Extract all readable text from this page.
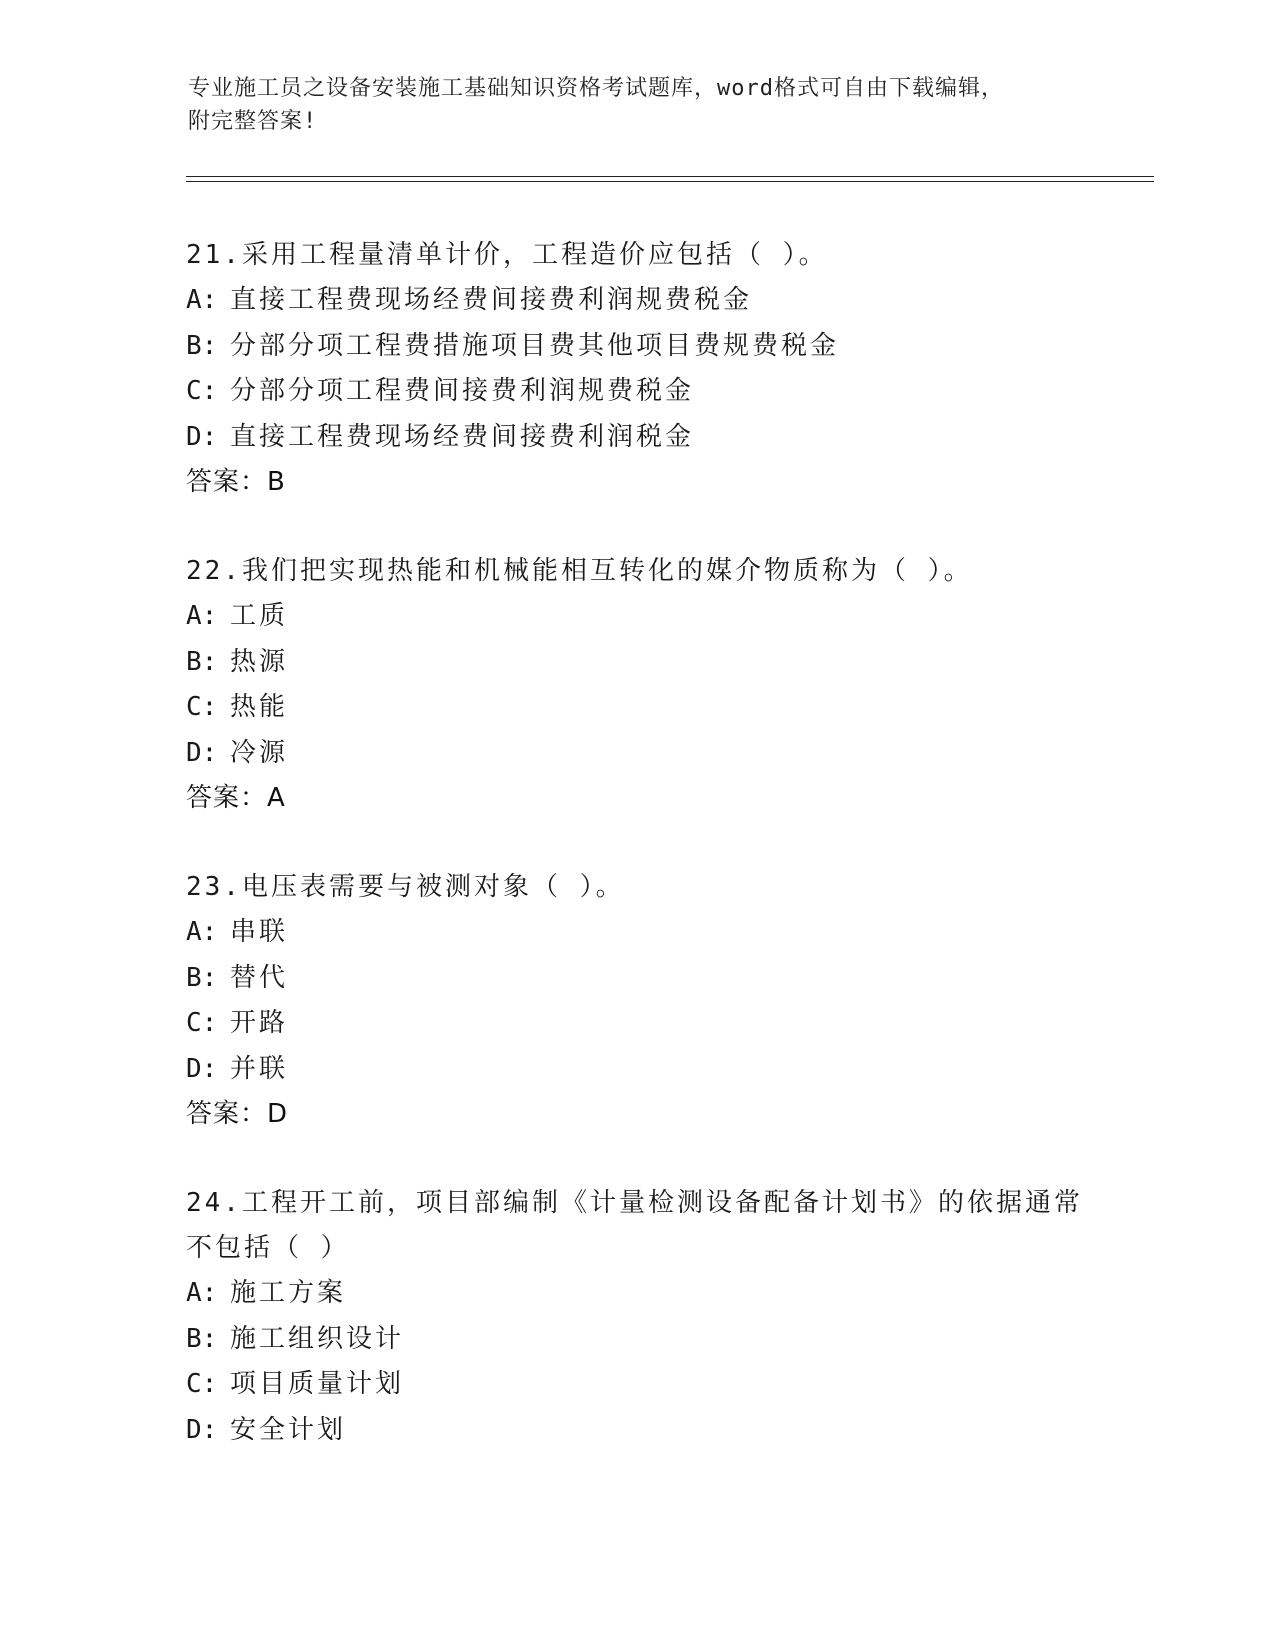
专业施工员之设备安装施工基础知识资格考试题库，word格式可自由下载编辑，
附完整答案!
21.采用工程量清单计价，工程造价应包括（ ）。
A: 直接工程费现场经费间接费利润规费税金
B: 分部分项工程费措施项目费其他项目费规费税金
C: 分部分项工程费间接费利润规费税金
D: 直接工程费现场经费间接费利润税金
答案：B
22.我们把实现热能和机械能相互转化的媒介物质称为（ ）。
A: 工质
B: 热源
C: 热能
D: 冷源
答案：A
23.电压表需要与被测对象（ ）。
A: 串联
B: 替代
C: 开路
D: 并联
答案：D
24.工程开工前，项目部编制《计量检测设备配备计划书》的依据通常不包括（ ）
A: 施工方案
B: 施工组织设计
C: 项目质量计划
D: 安全计划
